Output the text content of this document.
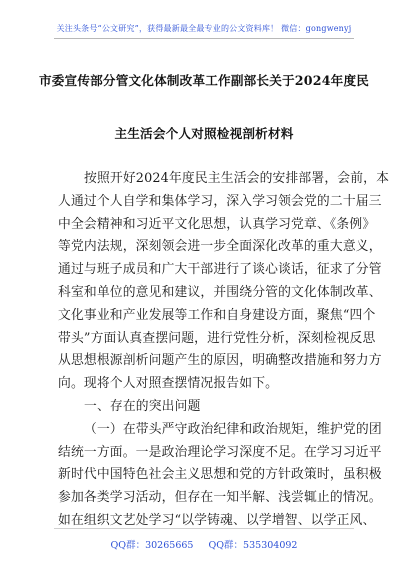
关注头条号“公文研究”，获得最新最全最专业的公文资料库！ 微信：gongwenyj
市委宣传部分管文化体制改革工作副部长关于2024年度民
主生活会个人对照检视剖析材料
按照开好2024年度民主生活会的安排部署，会前，本
人通过个人自学和集体学习，深入学习领会党的二十届三
中全会精神和习近平文化思想，认真学习党章、《条例》
等党内法规，深刻领会进一步全面深化改革的重大意义，
通过与班子成员和广大干部进行了谈心谈话，征求了分管
科室和单位的意见和建议，并围绕分管的文化体制改革、
文化事业和产业发展等工作和自身建设方面，聚焦“四个
带头”方面认真查摆问题，进行党性分析，深刻检视反思
从思想根源剖析问题产生的原因，明确整改措施和努力方
向。现将个人对照查摆情况报告如下。
一、存在的突出问题
（一）在带头严守政治纪律和政治规矩，维护党的团
结统一方面。一是政治理论学习深度不足。在学习习近平
新时代中国特色社会主义思想和党的方针政策时，虽积极
参加各类学习活动，但存在一知半解、浅尝辄止的情况。
如在组织文艺处学习“以学铸魂、以学增智、以学正风、
QQ群：30265665 QQ群：535304092
